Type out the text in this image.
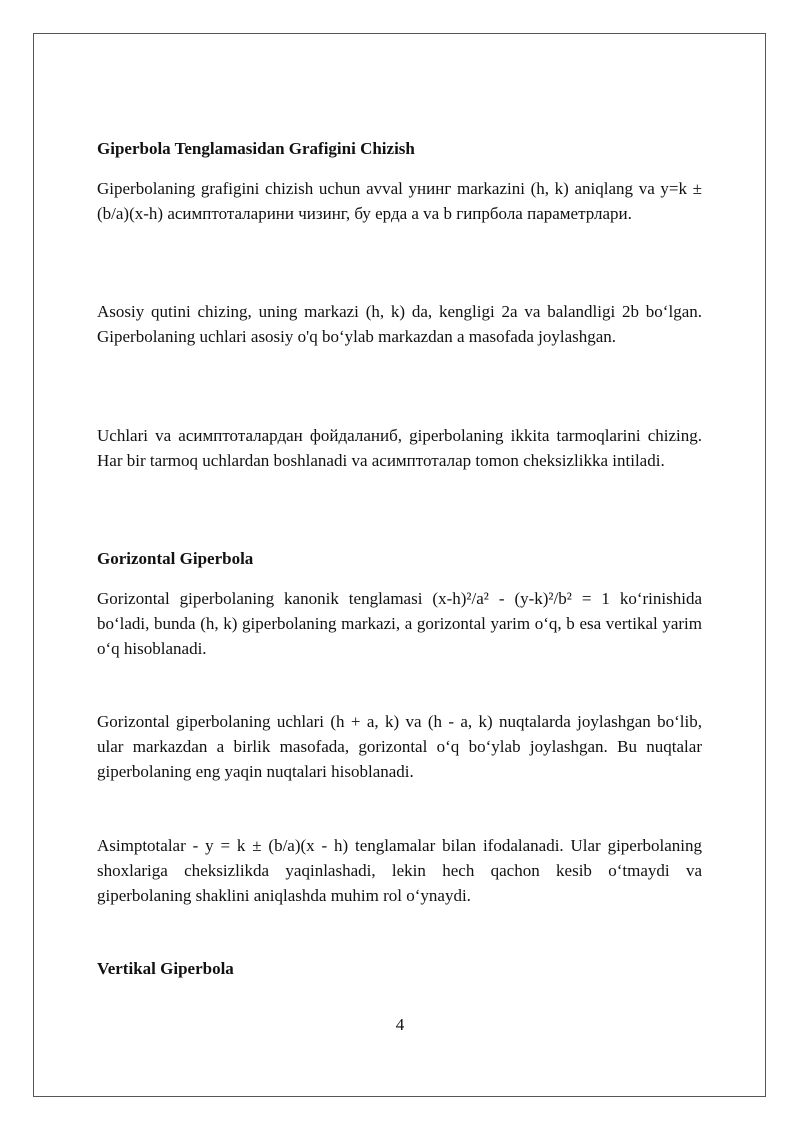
Giperbola Tenglamasidan Grafigini Chizish

Giperbolaning grafigini chizish uchun avval унинг markazini (h, k) aniqlang va y=k ± (b/a)(x-h) асимптоталарини чизинг, бу ерда a va b гипрбола параметрлари.

Asosiy qutini chizing, uning markazi (h, k) da, kengligi 2a va balandligi 2b bo‘lgan. Giperbolaning uchlari asosiy o'q bo‘ylab markazdan a masofada joylashgan.

Uchlari va асимптоталардан фойдаланиб, giperbolaning ikkita tarmoqlarini chizing. Har bir tarmoq uchlardan boshlanadi va асимптоталар tomon cheksizlikka intiladi.

Gorizontal Giperbola

Gorizontal giperbolaning kanonik tenglamasi (x-h)²/a² - (y-k)²/b² = 1 ko‘rinishida bo‘ladi, bunda (h, k) giperbolaning markazi, a gorizontal yarim o‘q, b esa vertikal yarim o‘q hisoblanadi.

Gorizontal giperbolaning uchlari (h + a, k) va (h - a, k) nuqtalarda joylashgan bo‘lib, ular markazdan a birlik masofada, gorizontal o‘q bo‘ylab joylashgan. Bu nuqtalar giperbolaning eng yaqin nuqtalari hisoblanadi.

Asimptotalar - y = k ± (b/a)(x - h) tenglamalar bilan ifodalanadi. Ular giperbolaning shoxlariga cheksizlikda yaqinlashadi, lekin hech qachon kesib o‘tmaydi va giperbolaning shaklini aniqlashda muhim rol o‘ynaydi.

Vertikal Giperbola
4
